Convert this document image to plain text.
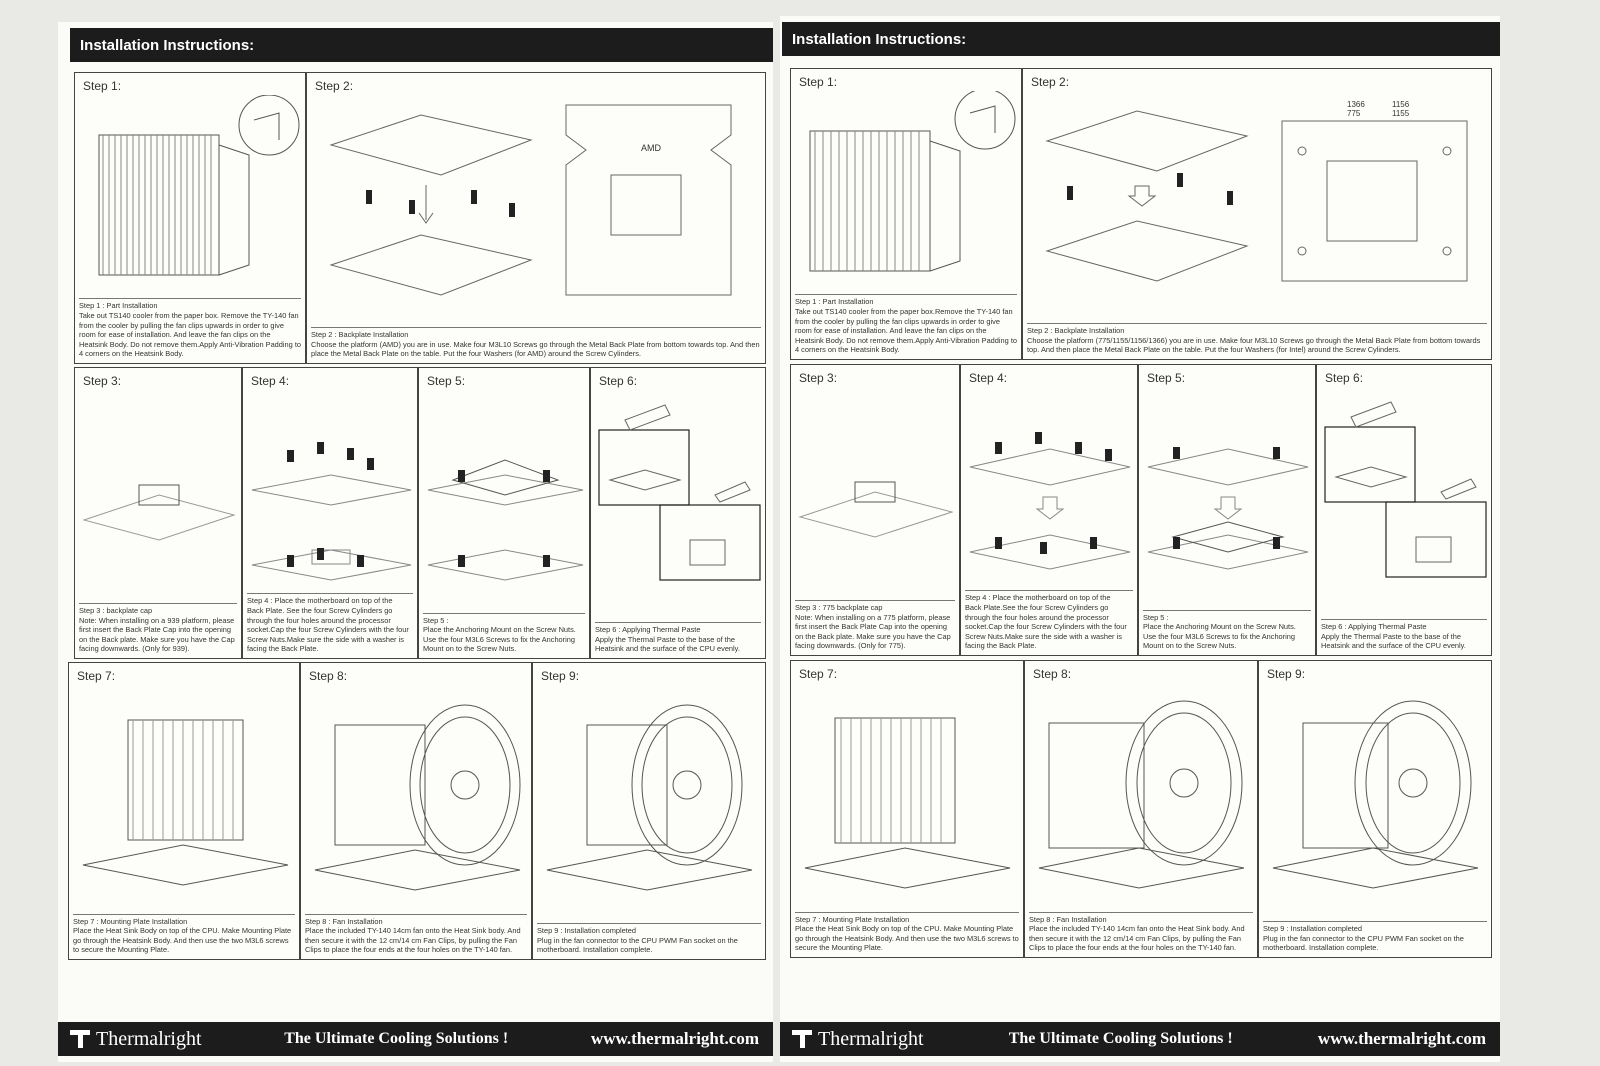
Installation Instructions:
Step 1:
Step 1 : Part Installation
Take out TS140 cooler from the paper box. Remove the TY-140 fan from the cooler by pulling the fan clips upwards in order to give room for ease of installation. And leave the fan clips on the Heatsink Body. Do not remove them.Apply Anti-Vibration Padding to 4 corners on the Heatsink Body.
Step 2:
AMD
Step 2 : Backplate Installation
Choose the platform (AMD) you are in use. Make four M3L10 Screws go through the Metal Back Plate from bottom towards top. And then place the Metal Back Plate on the table. Put the four Washers (for AMD) around the Screw Cylinders.
Step 3:
Step 3 : backplate cap
Note: When installing on a 939 platform, please first insert the Back Plate Cap into the opening on the Back plate. Make sure you have the Cap facing downwards. (Only for 939).
Step 4:
Step 4 : Place the motherboard on top of the
Back Plate. See the four Screw Cylinders go through the four holes around the processor socket.Cap the four Screw Cylinders with the four Screw Nuts.Make sure the side with a washer is facing the Back Plate.
Step 5:
Step 5 :
Place the Anchoring Mount on the Screw Nuts. Use the four M3L6 Screws to fix the Anchoring Mount on to the Screw Nuts.
Step 6:
Step 6 : Applying Thermal Paste
Apply the Thermal Paste to the base of the Heatsink and the surface of the CPU evenly.
Step 7:
Step 7 : Mounting Plate Installation
Place the Heat Sink Body on top of the CPU. Make Mounting Plate go through the Heatsink Body. And then use the two M3L6 screws to secure the Mounting Plate.
Step 8:
Step 8 : Fan Installation
Place the included TY-140 14cm fan onto the Heat Sink body. And then secure it with the 12 cm/14 cm Fan Clips, by pulling the Fan Clips to place the four ends at the four holes on the TY-140 fan.
Step 9:
Step 9 : Installation completed
Plug in the fan connector to the CPU PWM Fan socket on the motherboard. Installation complete.
Thermalright	The Ultimate Cooling Solutions !	www.thermalright.com
Installation Instructions:
Step 1:
Step 1 : Part Installation
Take out TS140 cooler from the paper box.Remove the TY-140 fan from the cooler by pulling the fan clips upwards in order to give room for ease of installation. And leave the fan clips on the Heatsink Body. Do not remove them.Apply Anti-Vibration Padding to 4 corners on the Heatsink Body.
Step 2:
1366
775
1156
1155
Step 2 : Backplate Installation
Choose the platform (775/1155/1156/1366) you are in use. Make four M3L10 Screws go through the Metal Back Plate from bottom towards top. And then place the Metal Back Plate on the table. Put the four Washers (for Intel) around the Screw Cylinders.
Step 3:
Step 3 : 775 backplate cap
Note: When installing on a 775 platform, please first insert the Back Plate Cap into the opening on the Back plate. Make sure you have the Cap facing downwards. (Only for 775).
Step 4:
Step 4 : Place the motherboard on top of the
Back Plate.See the four Screw Cylinders go through the four holes around the processor socket.Cap the four Screw Cylinders with the four Screw Nuts.Make sure the side with a washer is facing the Back Plate.
Step 5:
Step 5 :
Place the Anchoring Mount on the Screw Nuts. Use the four M3L6 Screws to fix the Anchoring Mount on to the Screw Nuts.
Step 6:
Step 6 : Applying Thermal Paste
Apply the Thermal Paste to the base of the Heatsink and the surface of the CPU evenly.
Step 7:
Step 7 : Mounting Plate Installation
Place the Heat Sink Body on top of the CPU. Make Mounting Plate go through the Heatsink Body. And then use the two M3L6 screws to secure the Mounting Plate.
Step 8:
Step 8 : Fan Installation
Place the included TY-140 14cm fan onto the Heat Sink body. And then secure it with the 12 cm/14 cm Fan Clips, by pulling the Fan Clips to place the four ends at the four holes on the TY-140 fan.
Step 9:
Step 9 : Installation completed
Plug in the fan connector to the CPU PWM Fan socket on the motherboard. Installation complete.
Thermalright	The Ultimate Cooling Solutions !	www.thermalright.com
